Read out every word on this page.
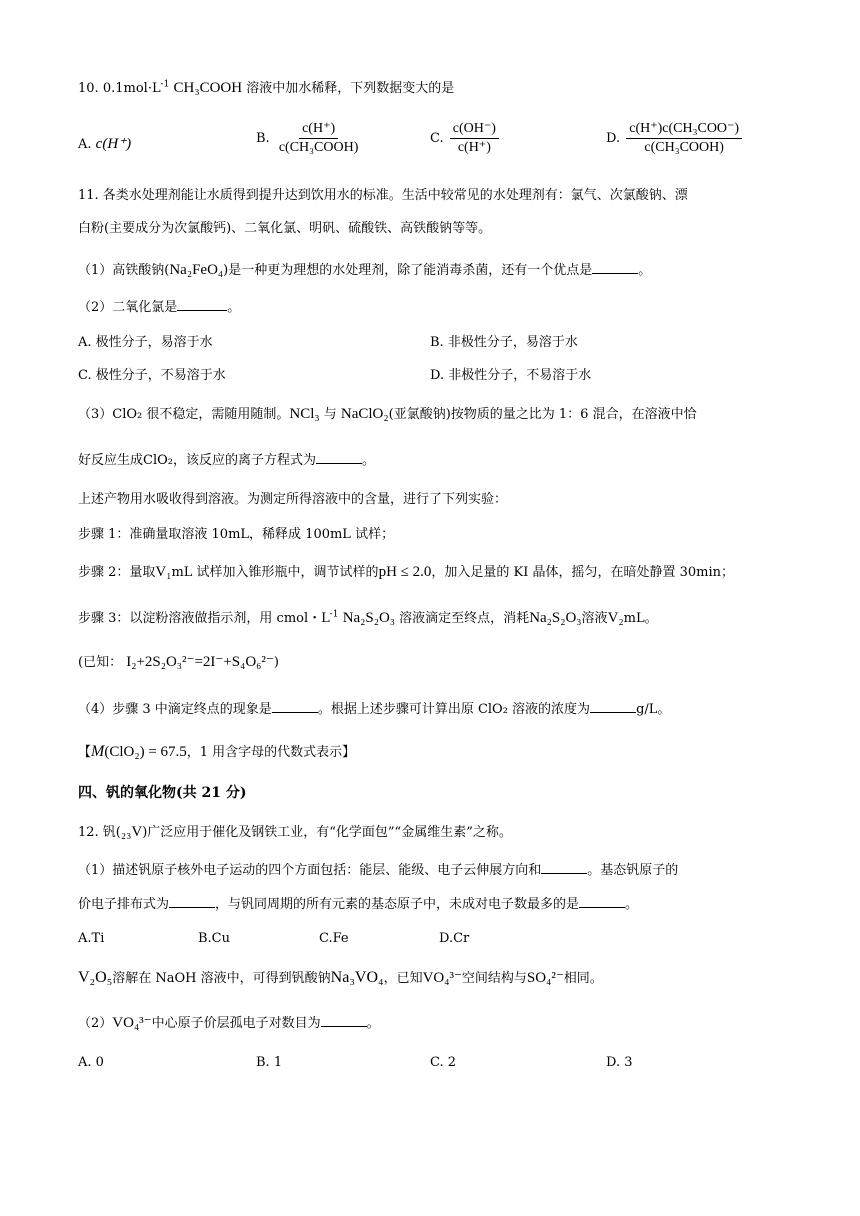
10. $0.1mol\cdot L^{-1}$ CH₃COOH 溶液中加水稀释，下列数据变大的是
A. c(H⁺)	B. $\frac{c(H^+)}{\text{c(CH₃COOH)}}$	C. $\frac{c(OH^-)}{c(H^+)}$	D. $\frac{\text{c(H⁺)c(CH₃COO⁻)}}{\text{c(CH₃COOH)}}$
11. 各类水处理剂能让水质得到提升达到饮用水的标准。生活中较常见的水处理剂有：氯气、次氯酸钠、漂
白粉(主要成分为次氯酸钙)、二氧化氯、明矾、硫酸铁、高铁酸钠等等。
（1）高铁酸钠(Na₂FeO₄)是一种更为理想的水处理剂，除了能消毒杀菌，还有一个优点是	。
（2）二氧化氯是	。
A. 极性分子，易溶于水	B. 非极性分子，易溶于水
C. 极性分子，不易溶于水	D. 非极性分子，不易溶于水
（3）ClO₂ 很不稳定，需随用随制。NCl₃ 与 NaClO₂(亚氯酸钠)按物质的量之比为 1：6 混合，在溶液中恰
好反应生成ClO₂，该反应的离子方程式为	。
上述产物用水吸收得到溶液。为测定所得溶液中的含量，进行了下列实验：
步骤 1：准确量取溶液 10mL，稀释成 100mL 试样；
步骤 2：量取V₁mL 试样加入锥形瓶中，调节试样的pH ≤ 2.0，加入足量的 KI 晶体，摇匀，在暗处静置 30min；
步骤 3：以淀粉溶液做指示剂，用 cmol・$L^{-1}$ Na₂S₂O₃ 溶液滴定至终点，消耗Na₂S₂O₃溶液V₂mL。
(已知： I₂+2S₂O₃²⁻=2I⁻+S₄O₆²⁻)
（4）步骤 3 中滴定终点的现象是	。根据上述步骤可计算出原 ClO₂ 溶液的浓度为	g/L。
【M(ClO₂) = 67.5，1 用含字母的代数式表示】
四、钒的氧化物(共 21 分)
12. 钒(₂₃V)广泛应用于催化及钢铁工业，有“化学面包”“金属维生素”之称。
（1）描述钒原子核外电子运动的四个方面包括：能层、能级、电子云伸展方向和	。基态钒原子的
价电子排布式为	，与钒同周期的所有元素的基态原子中，未成对电子数最多的是	。
A.Ti	B.Cu	C.Fe	D.Cr
V₂O₅溶解在 NaOH 溶液中，可得到钒酸钠Na₃VO₄，已知VO₄³⁻空间结构与SO₄²⁻相同。
（2）VO₄³⁻中心原子价层孤电子对数目为	。
A. 0	B. 1	C. 2	D. 3
